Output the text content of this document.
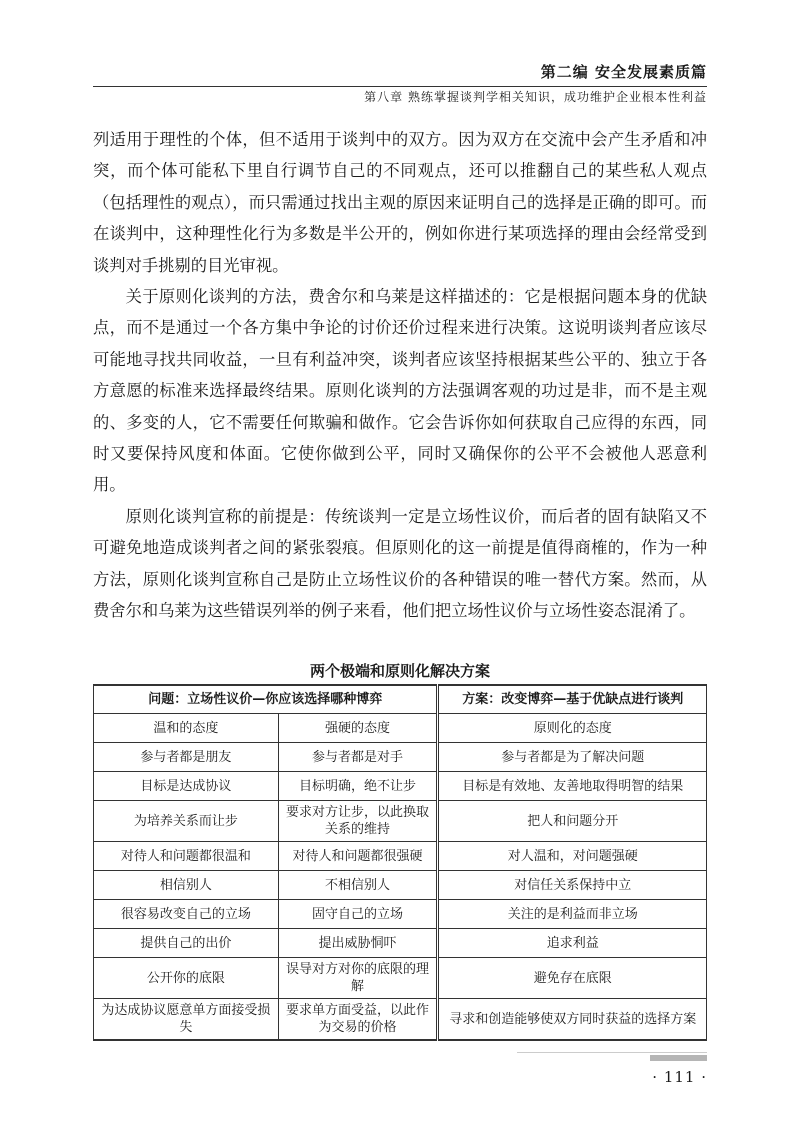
第二编 安全发展素质篇
第八章 熟练掌握谈判学相关知识，成功维护企业根本性利益

列适用于理性的个体，但不适用于谈判中的双方。因为双方在交流中会产生矛盾和冲突，而个体可能私下里自行调节自己的不同观点，还可以推翻自己的某些私人观点（包括理性的观点），而只需通过找出主观的原因来证明自己的选择是正确的即可。而在谈判中，这种理性化行为多数是半公开的，例如你进行某项选择的理由会经常受到谈判对手挑剔的目光审视。

关于原则化谈判的方法，费舍尔和乌莱是这样描述的：它是根据问题本身的优缺点，而不是通过一个各方集中争论的讨价还价过程来进行决策。这说明谈判者应该尽可能地寻找共同收益，一旦有利益冲突，谈判者应该坚持根据某些公平的、独立于各方意愿的标准来选择最终结果。原则化谈判的方法强调客观的功过是非，而不是主观的、多变的人，它不需要任何欺骗和做作。它会告诉你如何获取自己应得的东西，同时又要保持风度和体面。它使你做到公平，同时又确保你的公平不会被他人恶意利用。

原则化谈判宣称的前提是：传统谈判一定是立场性议价，而后者的固有缺陷又不可避免地造成谈判者之间的紧张裂痕。但原则化的这一前提是值得商榷的，作为一种方法，原则化谈判宣称自己是防止立场性议价的各种错误的唯一替代方案。然而，从费舍尔和乌莱为这些错误列举的例子来看，他们把立场性议价与立场性姿态混淆了。

两个极端和原则化解决方案
问题：立场性议价—你应该选择哪种博弈		方案：改变博弈—基于优缺点进行谈判
温和的态度	强硬的态度	原则化的态度
参与者都是朋友	参与者都是对手	参与者都是为了解决问题
目标是达成协议	目标明确，绝不让步	目标是有效地、友善地取得明智的结果
为培养关系而让步	要求对方让步，以此换取关系的维持	把人和问题分开
对待人和问题都很温和	对待人和问题都很强硬	对人温和，对问题强硬
相信别人	不相信别人	对信任关系保持中立
很容易改变自己的立场	固守自己的立场	关注的是利益而非立场
提供自己的出价	提出威胁恫吓	追求利益
公开你的底限	误导对方对你的底限的理解	避免存在底限
为达成协议愿意单方面接受损失	要求单方面受益，以此作为交易的价格	寻求和创造能够使双方同时获益的选择方案
· 111 ·
